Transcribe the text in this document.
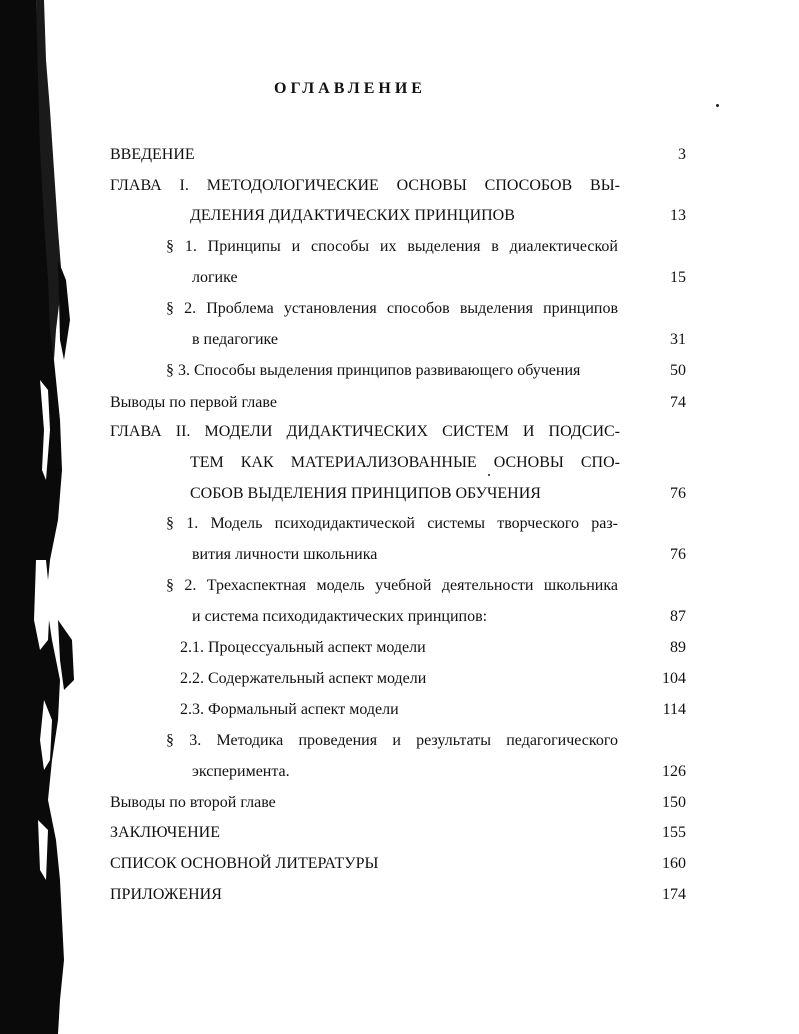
ОГЛАВЛЕНИЕ
ВВЕДЕНИЕ	3
ГЛАВА I. МЕТОДОЛОГИЧЕСКИЕ ОСНОВЫ СПОСОБОВ ВЫ-
ДЕЛЕНИЯ ДИДАКТИЧЕСКИХ ПРИНЦИПОВ	13
§ 1. Принципы и способы их выделения в диалектической
логике	15
§ 2. Проблема установления способов выделения принципов
в педагогике	31
§ 3. Способы выделения принципов развивающего обучения	50
Выводы по первой главе	74
ГЛАВА II. МОДЕЛИ ДИДАКТИЧЕСКИХ СИСТЕМ И ПОДСИС-
ТЕМ КАК МАТЕРИАЛИЗОВАННЫЕ ОСНОВЫ СПО-
СОБОВ ВЫДЕЛЕНИЯ ПРИНЦИПОВ ОБУЧЕНИЯ	76
§ 1. Модель психодидактической системы творческого раз-
вития личности школьника	76
§ 2. Трехаспектная модель учебной деятельности школьника
и система психодидактических принципов:	87
2.1. Процессуальный аспект модели	89
2.2. Содержательный аспект модели	104
2.3. Формальный аспект модели	114
§ 3. Методика проведения и результаты педагогического
эксперимента.	126
Выводы по второй главе	150
ЗАКЛЮЧЕНИЕ	155
СПИСОК ОСНОВНОЙ ЛИТЕРАТУРЫ	160
ПРИЛОЖЕНИЯ	174
